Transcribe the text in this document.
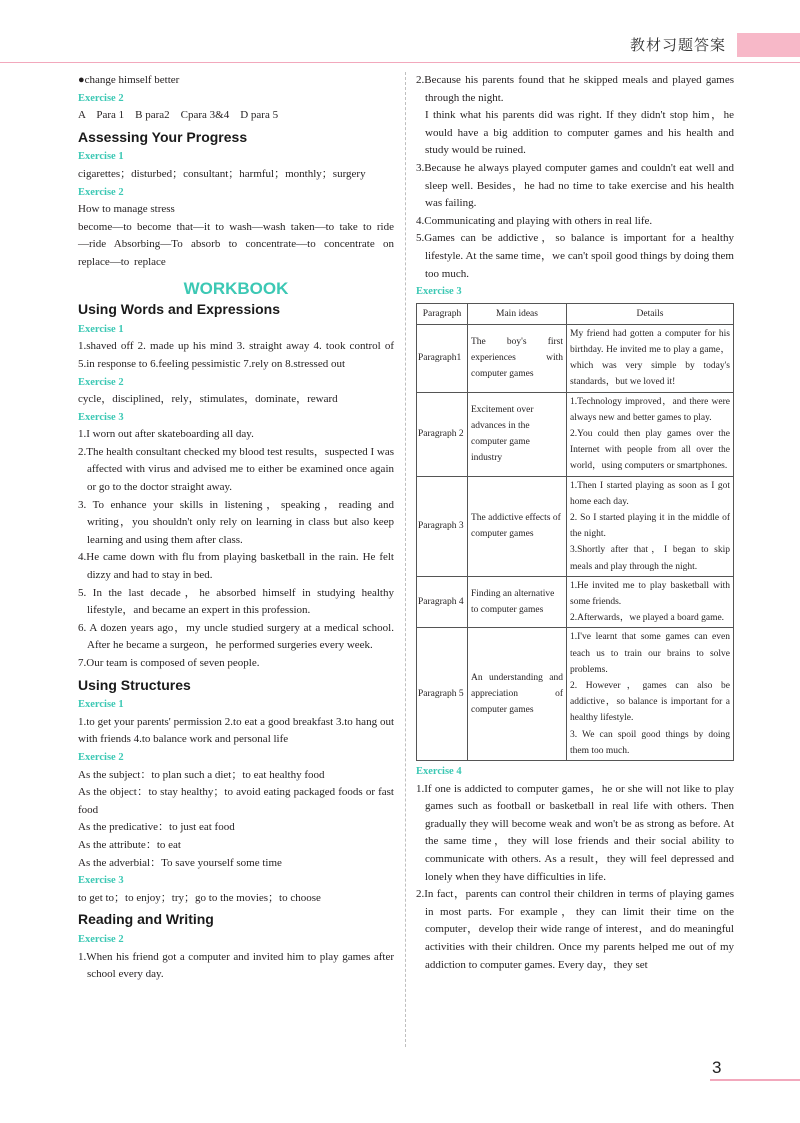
教材习题答案

●change himself better

Exercise 2

A    Para 1    B para2    Cpara 3&4    D para 5

Assessing Your Progress
Exercise 1

cigarettes；disturbed；consultant；harmful；monthly；surgery

Exercise 2

How to manage stress

become—to become that—it to wash—wash taken—to take to ride—ride Absorbing—To absorb to concentrate—to concentrate on replace—to replace

WORKBOOK
Using Words and Expressions
Exercise 1

1.shaved off 2. made up his mind 3. straight away 4. took control of 5.in response to 6.feeling pessimistic 7.rely on 8.stressed out

Exercise 2

cycle，disciplined，rely，stimulates，dominate，reward

Exercise 3

1.I worn out after skateboarding all day.

2.The health consultant checked my blood test results，suspected I was affected with virus and advised me to either be examined once again or go to the doctor straight away.

3. To enhance your skills in listening，speaking，reading and writing，you shouldn't only rely on learning in class but also keep learning and using them after class.

4.He came down with flu from playing basketball in the rain. He felt dizzy and had to stay in bed.

5. In the last decade，he absorbed himself in studying healthy lifestyle，and became an expert in this profession.

6. A dozen years ago，my uncle studied surgery at a medical school. After he became a surgeon，he performed surgeries every week.

7.Our team is composed of seven people.

Using Structures
Exercise 1

1.to get your parents' permission 2.to eat a good breakfast 3.to hang out with friends 4.to balance work and personal life

Exercise 2

As the subject：to plan such a diet；to eat healthy food

As the object：to stay healthy；to avoid eating packaged foods or fast food

As the predicative：to just eat food

As the attribute：to eat

As the adverbial：To save yourself some time

Exercise 3

to get to；to enjoy；try；go to the movies；to choose

Reading and Writing
Exercise 2

1.When his friend got a computer and invited him to play games after school every day.

2.Because his parents found that he skipped meals and played games through the night.

I think what his parents did was right. If they didn't stop him，he would have a big addition to computer games and his health and study would be ruined.

3.Because he always played computer games and couldn't eat well and sleep well. Besides，he had no time to take exercise and his health was failing.

4.Communicating and playing with others in real life.

5.Games can be addictive，so balance is important for a healthy lifestyle. At the same time，we can't spoil good things by doing them too much.

Exercise 3
Paragraph	Main ideas	Details
Paragraph1	The boy's first experiences with computer games	My friend had gotten a computer for his birthday. He invited me to play a game，which was very simple by today's standards，but we loved it!

Paragraph 2	Excitement over advances in the computer game industry	1.Technology improved，and there were always new and better games to play.
2.You could then play games over the Internet with people from all over the world，using computers or smartphones.

Paragraph 3	The addictive effects of computer games	1.Then I started playing as soon as I got home each day.
2. So I started playing it in the middle of the night.
3.Shortly after that，I began to skip meals and play through the night.

Paragraph 4	Finding an alternative to computer games	1.He invited me to play basketball with some friends.
2.Afterwards，we played a board game.

Paragraph 5	An understanding and appreciation of computer games	1.I've learnt that some games can even teach us to train our brains to solve problems.
2. However，games can also be addictive，so balance is important for a healthy lifestyle.
3. We can spoil good things by doing them too much.
Exercise 4

1.If one is addicted to computer games，he or she will not like to play games such as football or basketball in real life with others. Then gradually they will become weak and won't be as strong as before. At the same time，they will lose friends and their social ability to communicate with others. As a result，they will feel depressed and lonely when they have difficulties in life.

2.In fact，parents can control their children in terms of playing games in most parts. For example，they can limit their time on the computer，develop their wide range of interest，and do meaningful activities with their children. Once my parents helped me out of my addiction to computer games. Every day，they set

3
